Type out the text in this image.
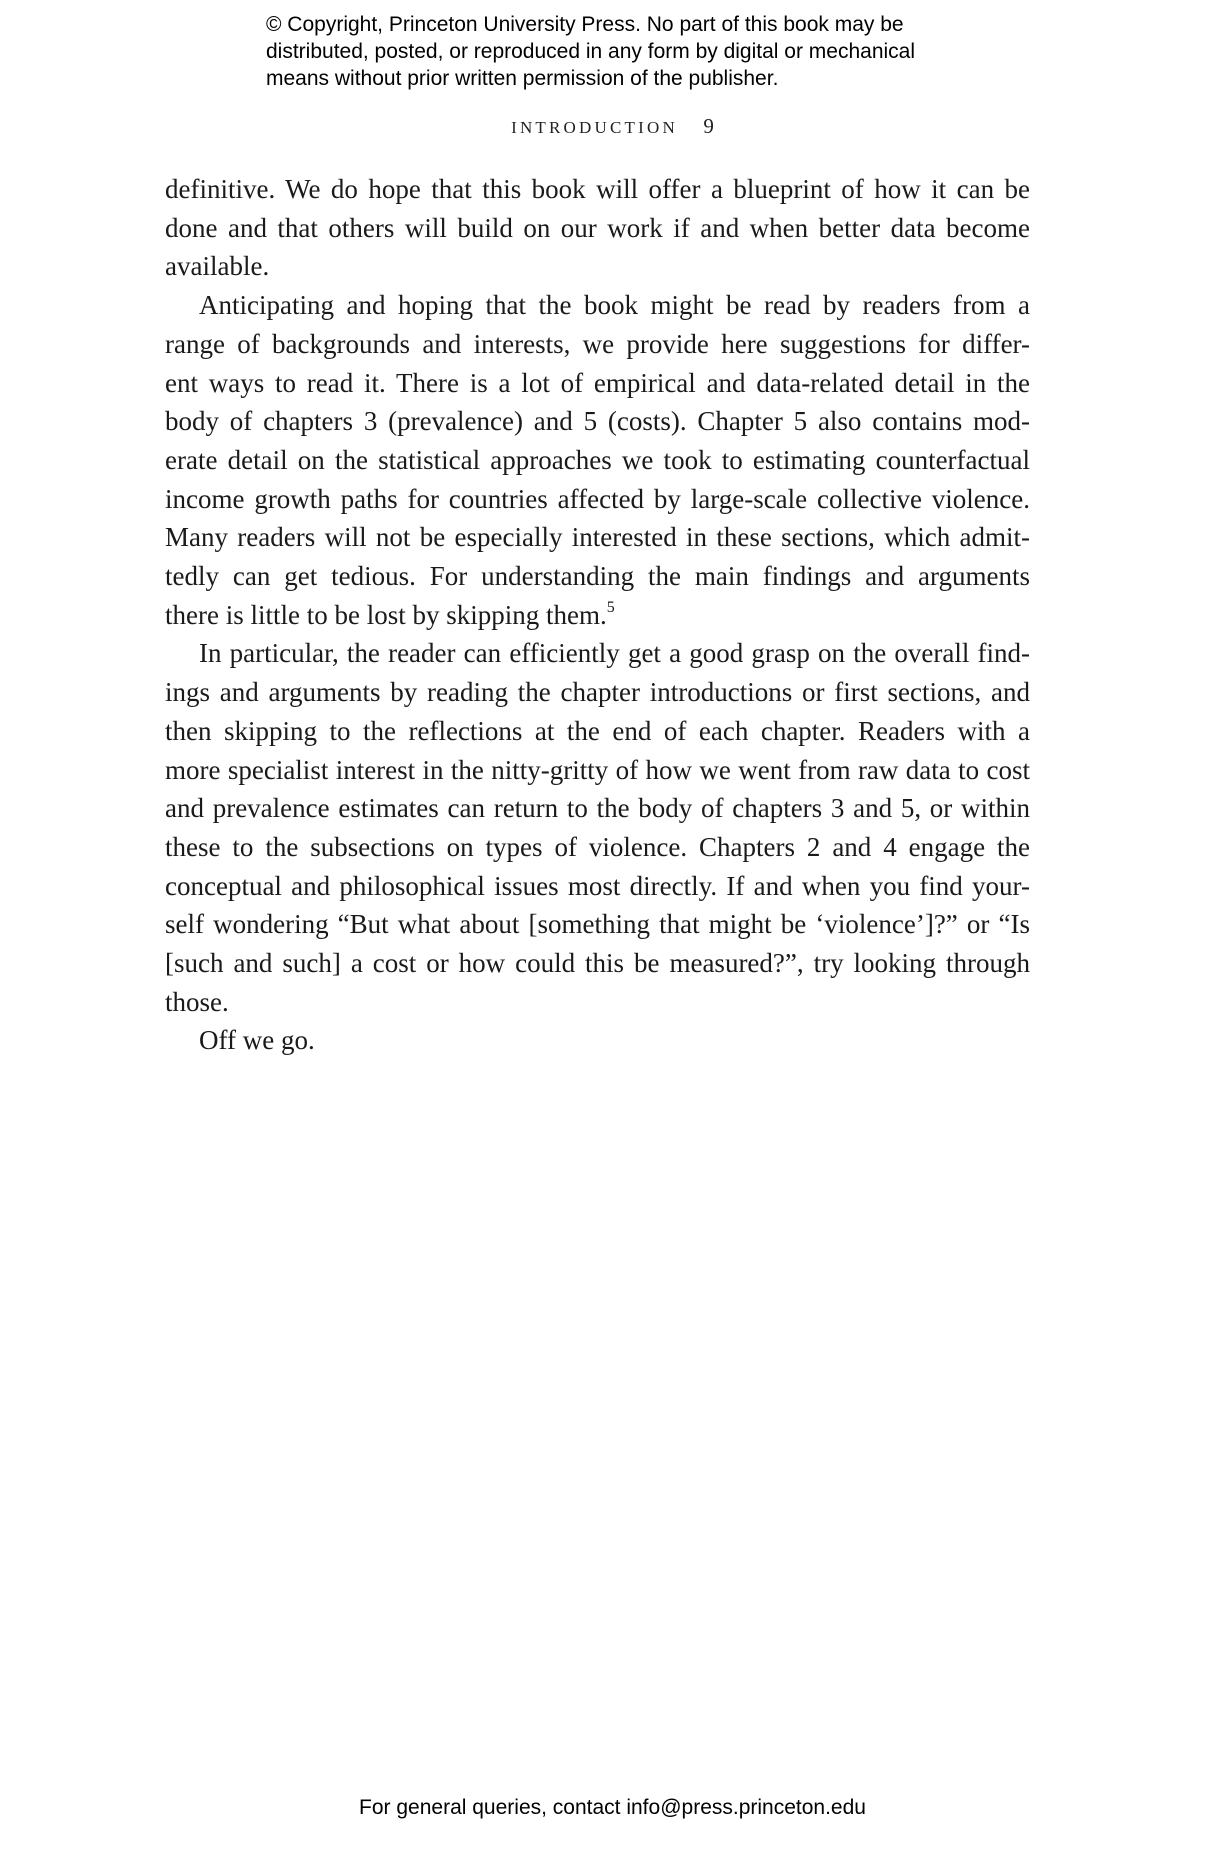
© Copyright, Princeton University Press. No part of this book may be
distributed, posted, or reproduced in any form by digital or mechanical
means without prior written permission of the publisher.
INTRODUCTION 9
definitive. We do hope that this book will offer a blueprint of how it can be
done and that others will build on our work if and when better data become
available.
Anticipating and hoping that the book might be read by readers from a
range of backgrounds and interests, we provide here suggestions for differ-
ent ways to read it. There is a lot of empirical and data-related detail in the
body of chapters 3 (prevalence) and 5 (costs). Chapter 5 also contains mod-
erate detail on the statistical approaches we took to estimating counterfactual
income growth paths for countries affected by large-scale collective violence.
Many readers will not be especially interested in these sections, which admit-
tedly can get tedious. For understanding the main findings and arguments
there is little to be lost by skipping them.$^5$
In particular, the reader can efficiently get a good grasp on the overall find-
ings and arguments by reading the chapter introductions or first sections, and
then skipping to the reflections at the end of each chapter. Readers with a
more specialist interest in the nitty-gritty of how we went from raw data to cost
and prevalence estimates can return to the body of chapters 3 and 5, or within
these to the subsections on types of violence. Chapters 2 and 4 engage the
conceptual and philosophical issues most directly. If and when you find your-
self wondering “But what about [something that might be ‘violence’]?” or “Is
[such and such] a cost or how could this be measured?”, try looking through
those.
Off we go.
For general queries, contact info@press.princeton.edu
